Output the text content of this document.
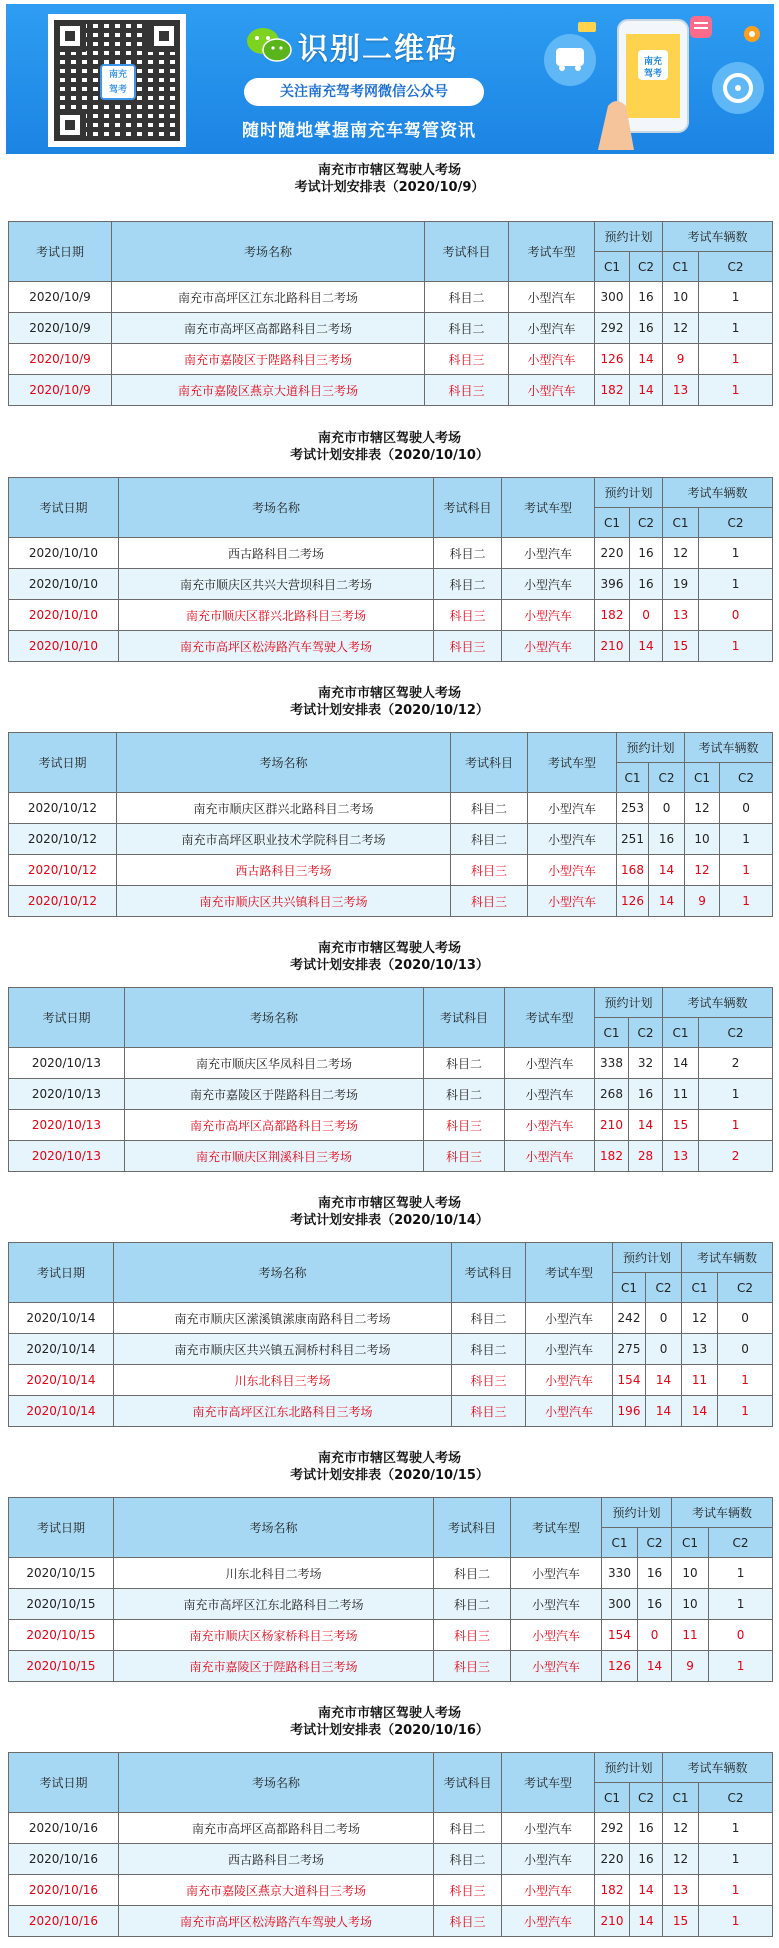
南充
驾考
识别二维码
关注南充驾考网微信公众号
随时随地掌握南充车驾管资讯
南充
驾考
南充市市辖区驾驶人考场
考试计划安排表（2020/10/9）
考试日期	考场名称	考试科目	考试车型	预约计划		考试车辆数	
				C1	C2	C1	C2
2020/10/9	南充市高坪区江东北路科目二考场	科目二	小型汽车	300	16	10	1
2020/10/9	南充市高坪区高都路科目二考场	科目二	小型汽车	292	16	12	1
2020/10/9	南充市嘉陵区于陛路科目三考场	科目三	小型汽车	126	14	9	1
2020/10/9	南充市嘉陵区燕京大道科目三考场	科目三	小型汽车	182	14	13	1
南充市市辖区驾驶人考场
考试计划安排表（2020/10/10）
考试日期	考场名称	考试科目	考试车型	预约计划		考试车辆数	
				C1	C2	C1	C2
2020/10/10	西古路科目二考场	科目二	小型汽车	220	16	12	1
2020/10/10	南充市顺庆区共兴大营坝科目二考场	科目二	小型汽车	396	16	19	1
2020/10/10	南充市顺庆区群兴北路科目三考场	科目三	小型汽车	182	0	13	0
2020/10/10	南充市高坪区松涛路汽车驾驶人考场	科目三	小型汽车	210	14	15	1
南充市市辖区驾驶人考场
考试计划安排表（2020/10/12）
考试日期	考场名称	考试科目	考试车型	预约计划		考试车辆数	
				C1	C2	C1	C2
2020/10/12	南充市顺庆区群兴北路科目二考场	科目二	小型汽车	253	0	12	0
2020/10/12	南充市高坪区职业技术学院科目二考场	科目二	小型汽车	251	16	10	1
2020/10/12	西古路科目三考场	科目三	小型汽车	168	14	12	1
2020/10/12	南充市顺庆区共兴镇科目三考场	科目三	小型汽车	126	14	9	1
南充市市辖区驾驶人考场
考试计划安排表（2020/10/13）
考试日期	考场名称	考试科目	考试车型	预约计划		考试车辆数	
				C1	C2	C1	C2
2020/10/13	南充市顺庆区华凤科目二考场	科目二	小型汽车	338	32	14	2
2020/10/13	南充市嘉陵区于陛路科目二考场	科目二	小型汽车	268	16	11	1
2020/10/13	南充市高坪区高都路科目三考场	科目三	小型汽车	210	14	15	1
2020/10/13	南充市顺庆区荆溪科目三考场	科目三	小型汽车	182	28	13	2
南充市市辖区驾驶人考场
考试计划安排表（2020/10/14）
考试日期	考场名称	考试科目	考试车型	预约计划		考试车辆数	
				C1	C2	C1	C2
2020/10/14	南充市顺庆区潆溪镇潆康南路科目二考场	科目二	小型汽车	242	0	12	0
2020/10/14	南充市顺庆区共兴镇五洞桥村科目二考场	科目二	小型汽车	275	0	13	0
2020/10/14	川东北科目三考场	科目三	小型汽车	154	14	11	1
2020/10/14	南充市高坪区江东北路科目三考场	科目三	小型汽车	196	14	14	1
南充市市辖区驾驶人考场
考试计划安排表（2020/10/15）
考试日期	考场名称	考试科目	考试车型	预约计划		考试车辆数	
				C1	C2	C1	C2
2020/10/15	川东北科目二考场	科目二	小型汽车	330	16	10	1
2020/10/15	南充市高坪区江东北路科目二考场	科目二	小型汽车	300	16	10	1
2020/10/15	南充市顺庆区杨家桥科目三考场	科目三	小型汽车	154	0	11	0
2020/10/15	南充市嘉陵区于陛路科目三考场	科目三	小型汽车	126	14	9	1
南充市市辖区驾驶人考场
考试计划安排表（2020/10/16）
考试日期	考场名称	考试科目	考试车型	预约计划		考试车辆数	
				C1	C2	C1	C2
2020/10/16	南充市高坪区高都路科目二考场	科目二	小型汽车	292	16	12	1
2020/10/16	西古路科目二考场	科目二	小型汽车	220	16	12	1
2020/10/16	南充市嘉陵区燕京大道科目三考场	科目三	小型汽车	182	14	13	1
2020/10/16	南充市高坪区松涛路汽车驾驶人考场	科目三	小型汽车	210	14	15	1
